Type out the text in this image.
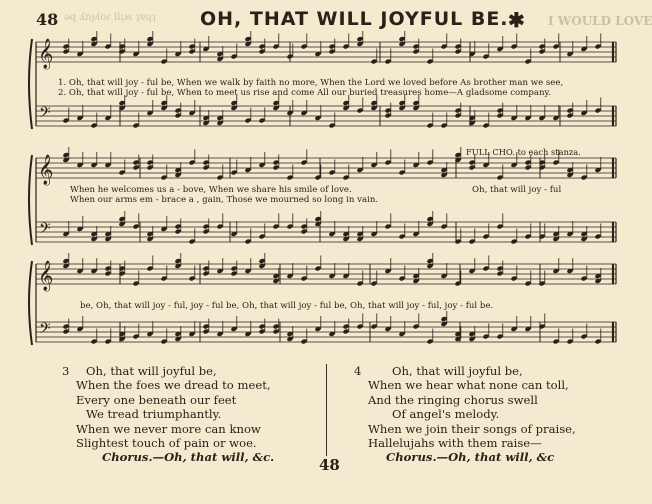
ǝq ʎnɟʎoɾ llᴉʍ ʇɐɥʇ
48	OH, THAT WILL JOYFUL BE. ✱ I WOULD LOVE
𝄞
𝄢
𝄞
𝄢
𝄞
𝄢
1. Oh, that will joy - ful be, When we walk by faith no more, When the Lord we loved before As brother man we see,
2. Oh, that will joy - ful be, When to meet us rise and come All our buried treasures home—A gladsome company.
FULL CHO. to each stanza.
When he welcomes us a - bove, When we share his smile of love.
When our arms em - brace a , gain, Those we mourned so long in vain.
Oh, that will joy - ful
be, Oh, that will joy - ful, joy - ful be, Oh, that will joy - ful be, Oh, that will joy - ful, joy - ful be.
3 Oh, that will joyful be,
When the foes we dread to meet,
Every one beneath our feet
We tread triumphantly.
When we never more can know
Slightest touch of pain or woe.
Chorus.—Oh, that will, &c.
4	Oh, that will joyful be,
When we hear what none can toll,
And the ringing chorus swell
Of angel's melody.
When we join their songs of praise,
Hallelujahs with them raise—
Chorus.—Oh, that will, &c
48
